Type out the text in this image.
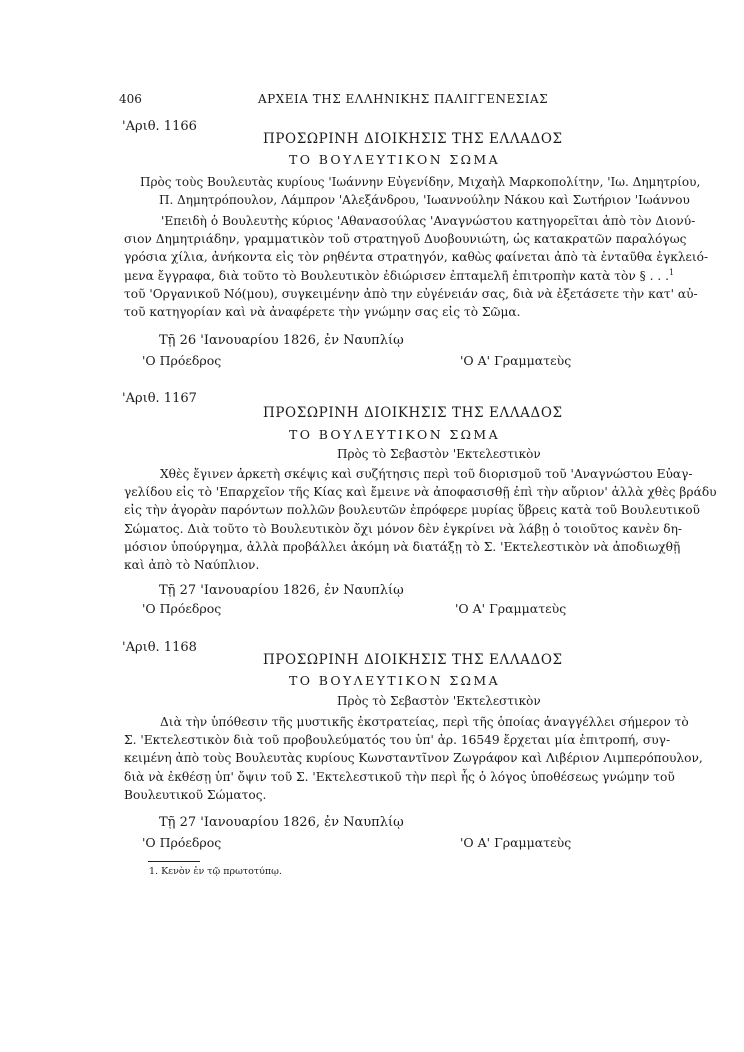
406	ΑΡΧΕΙΑ ΤΗΣ ΕΛΛΗΝΙΚΗΣ ΠΑΛΙΓΓΕΝΕΣΙΑΣ
'Αριθ. 1166
ΠΡΟΣΩΡΙΝΗ ΔΙΟΙΚΗΣΙΣ ΤΗΣ ΕΛΛΑΔΟΣ
ΤΟ ΒΟΥΛΕΥΤΙΚΟΝ ΣΩΜΑ
Πρὸς τοὺς Βουλευτὰς κυρίους 'Ιωάννην Εὐγενίδην, Μιχαὴλ Μαρκοπολίτην, 'Ιω. Δημητρίου,
Π. Δημητρόπουλον, Λάμπρον 'Αλεξάνδρου, 'Ιωαννούλην Νάκου καὶ Σωτήριον 'Ιωάννου
'Επειδὴ ὁ Βουλευτὴς κύριος 'Αθανασούλας 'Αναγνώστου κατηγορεῖται ἀπὸ τὸν Διονύ-
σιον Δημητριάδην, γραμματικὸν τοῦ στρατηγοῦ Δυοβουνιώτη, ὡς κατακρατῶν παραλόγως
γρόσια χίλια, ἀνήκοντα εἰς τὸν ρηθέντα στρατηγόν, καθὼς φαίνεται ἀπὸ τὰ ἐνταῦθα ἐγκλειό-
μενα ἔγγραφα, διὰ τοῦτο τὸ Βουλευτικὸν ἐδιώρισεν ἐπταμελῆ ἐπιτροπὴν κατὰ τὸν § . . .$^1$
τοῦ 'Οργανικοῦ Νό(μου), συγκειμένην ἀπὸ την εὐγένειάν σας, διὰ νὰ ἐξετάσετε τὴν κατ' αὐ-
τοῦ κατηγορίαν καὶ νὰ ἀναφέρετε τὴν γνώμην σας εἰς τὸ Σῶμα.
Τῇ 26 'Ιανουαρίου 1826, ἐν Ναυπλίῳ
'Ο Πρόεδρος	'Ο Α' Γραμματεὺς
'Αριθ. 1167
ΠΡΟΣΩΡΙΝΗ ΔΙΟΙΚΗΣΙΣ ΤΗΣ ΕΛΛΑΔΟΣ
ΤΟ ΒΟΥΛΕΥΤΙΚΟΝ ΣΩΜΑ
Πρὸς τὸ Σεβαστὸν 'Εκτελεστικὸν
Χθὲς ἔγινεν ἀρκετὴ σκέψις καὶ συζήτησις περὶ τοῦ διορισμοῦ τοῦ 'Αναγνώστου Εὐαγ-
γελίδου εἰς τὸ 'Επαρχεῖον τῆς Κίας καὶ ἔμεινε νὰ ἀποφασισθῇ ἐπὶ τὴν αὔριον' ἀλλὰ χθὲς βράδυ
εἰς τὴν ἀγορὰν παρόντων πολλῶν βουλευτῶν ἐπρόφερε μυρίας ὕβρεις κατὰ τοῦ Βουλευτικοῦ
Σώματος. Διὰ τοῦτο τὸ Βουλευτικὸν ὄχι μόνον δὲν ἐγκρίνει νὰ λάβῃ ὁ τοιοῦτος κανὲν δη-
μόσιον ὑπούργημα, ἀλλὰ προβάλλει ἀκόμη νὰ διατάξῃ τὸ Σ. 'Εκτελεστικὸν νὰ ἀποδιωχθῇ
καὶ ἀπὸ τὸ Ναύπλιον.
Τῇ 27 'Ιανουαρίου 1826, ἐν Ναυπλίῳ
'Ο Πρόεδρος	'Ο Α' Γραμματεὺς
'Αριθ. 1168
ΠΡΟΣΩΡΙΝΗ ΔΙΟΙΚΗΣΙΣ ΤΗΣ ΕΛΛΑΔΟΣ
ΤΟ ΒΟΥΛΕΥΤΙΚΟΝ ΣΩΜΑ
Πρὸς τὸ Σεβαστὸν 'Εκτελεστικὸν
Διὰ τὴν ὑπόθεσιν τῆς μυστικῆς ἐκστρατείας, περὶ τῆς ὁποίας ἀναγγέλλει σήμερον τὸ
Σ. 'Εκτελεστικὸν διὰ τοῦ προβουλεύματός του ὑπ' ἀρ. 16549 ἔρχεται μία ἐπιτροπή, συγ-
κειμένη ἀπὸ τοὺς Βουλευτὰς κυρίους Κωνσταντῖνον Ζωγράφον καὶ Λιβέριον Λιμπερόπουλον,
διὰ νὰ ἐκθέσῃ ὑπ' ὄψιν τοῦ Σ. 'Εκτελεστικοῦ τὴν περὶ ἧς ὁ λόγος ὑποθέσεως γνώμην τοῦ
Βουλευτικοῦ Σώματος.
Τῇ 27 'Ιανουαρίου 1826, ἐν Ναυπλίῳ
'Ο Πρόεδρος	'Ο Α' Γραμματεὺς
1. Κενὸν ἐν τῷ πρωτοτύπῳ.
